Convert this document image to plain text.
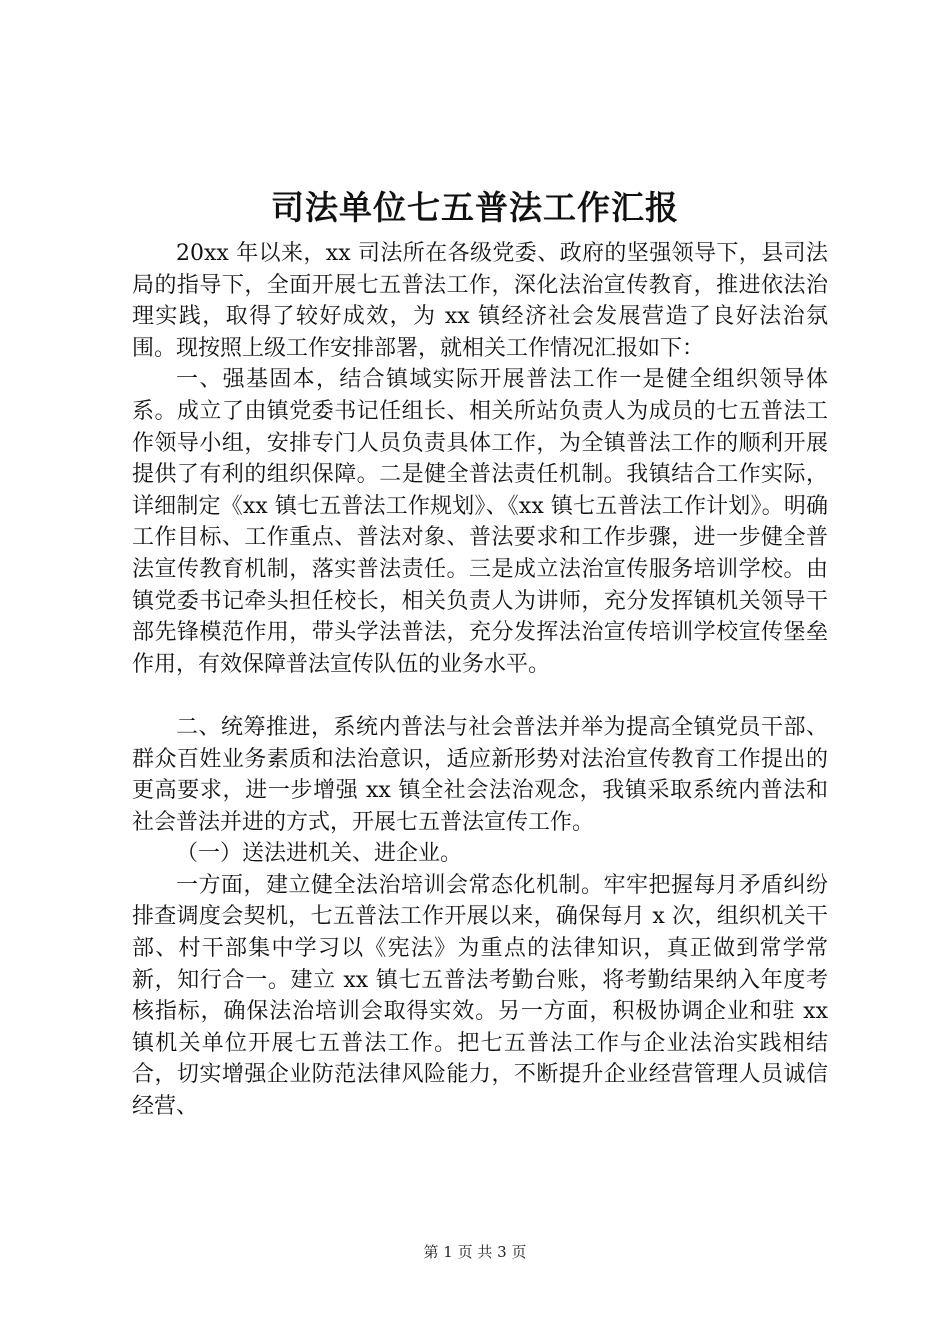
司法单位七五普法工作汇报

20xx 年以来，xx 司法所在各级党委、政府的坚强领导下，县司法局的指导下，全面开展七五普法工作，深化法治宣传教育，推进依法治理实践，取得了较好成效，为 xx 镇经济社会发展营造了良好法治氛围。现按照上级工作安排部署，就相关工作情况汇报如下：

一、强基固本，结合镇域实际开展普法工作一是健全组织领导体系。成立了由镇党委书记任组长、相关所站负责人为成员的七五普法工作领导小组，安排专门人员负责具体工作，为全镇普法工作的顺利开展提供了有利的组织保障。二是健全普法责任机制。我镇结合工作实际，详细制定《xx 镇七五普法工作规划》、《xx 镇七五普法工作计划》。明确工作目标、工作重点、普法对象、普法要求和工作步骤，进一步健全普法宣传教育机制，落实普法责任。三是成立法治宣传服务培训学校。由镇党委书记牵头担任校长，相关负责人为讲师，充分发挥镇机关领导干部先锋模范作用，带头学法普法，充分发挥法治宣传培训学校宣传堡垒作用，有效保障普法宣传队伍的业务水平。

二、统筹推进，系统内普法与社会普法并举为提高全镇党员干部、群众百姓业务素质和法治意识，适应新形势对法治宣传教育工作提出的更高要求，进一步增强 xx 镇全社会法治观念，我镇采取系统内普法和社会普法并进的方式，开展七五普法宣传工作。

（一）送法进机关、进企业。

一方面，建立健全法治培训会常态化机制。牢牢把握每月矛盾纠纷排查调度会契机，七五普法工作开展以来，确保每月 x 次，组织机关干部、村干部集中学习以《宪法》为重点的法律知识，真正做到常学常新，知行合一。建立 xx 镇七五普法考勤台账，将考勤结果纳入年度考核指标，确保法治培训会取得实效。另一方面，积极协调企业和驻 xx 镇机关单位开展七五普法工作。把七五普法工作与企业法治实践相结合，切实增强企业防范法律风险能力，不断提升企业经营管理人员诚信经营、

第 1 页 共 3 页
